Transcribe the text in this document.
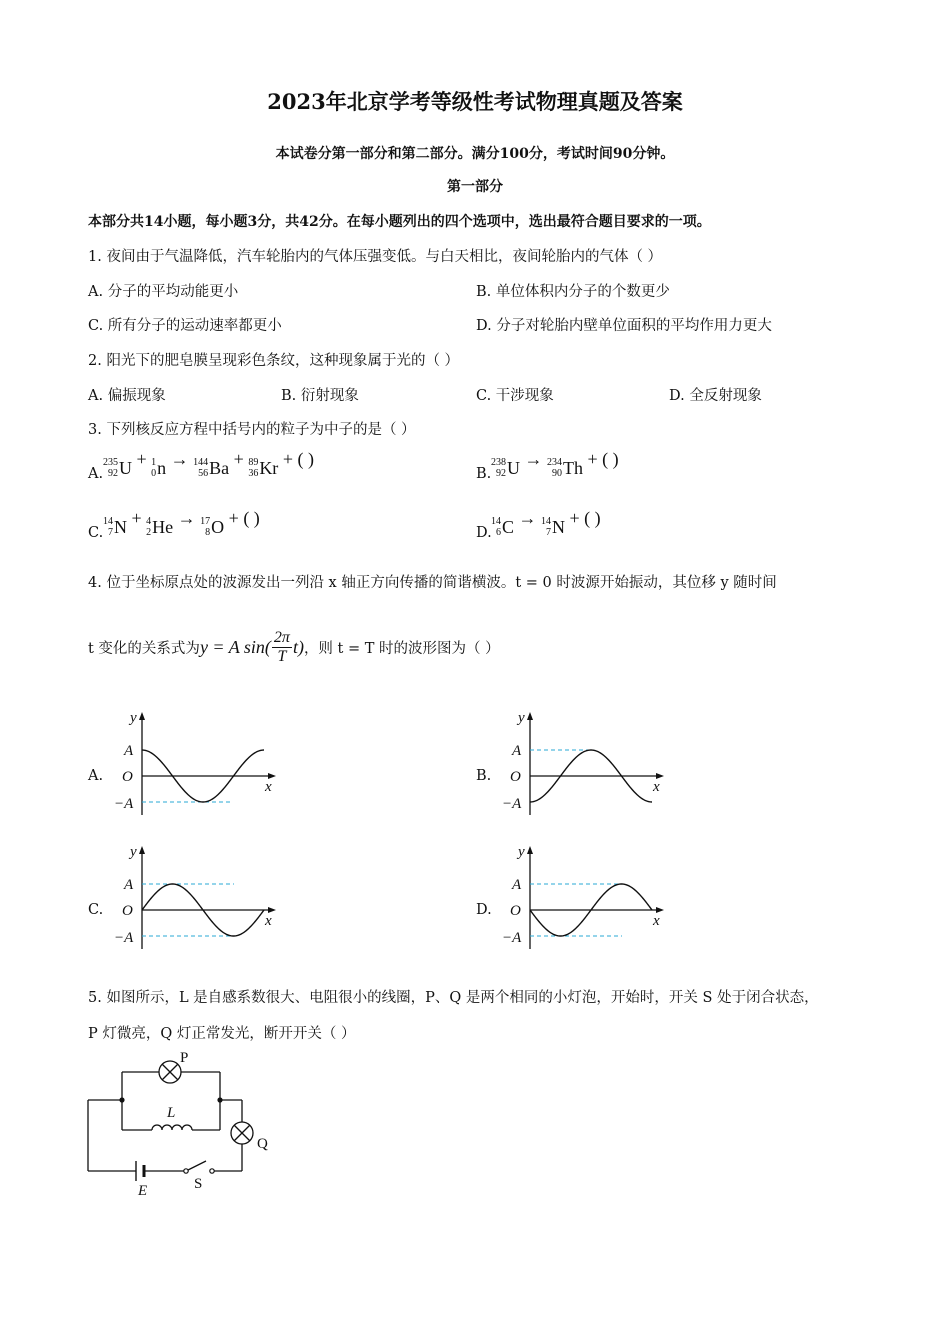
2023年北京学考等级性考试物理真题及答案
本试卷分第一部分和第二部分。满分100分，考试时间90分钟。
第一部分
本部分共14小题，每小题3分，共42分。在每小题列出的四个选项中，选出最符合题目要求的一项。
1. 夜间由于气温降低，汽车轮胎内的气体压强变低。与白天相比，夜间轮胎内的气体（ ）
A. 分子的平均动能更小	B. 单位体积内分子的个数更少
C. 所有分子的运动速率都更小	D. 分子对轮胎内壁单位面积的平均作用力更大
2. 阳光下的肥皂膜呈现彩色条纹，这种现象属于光的（ ）
A. 偏振现象	B. 衍射现象	C. 干涉现象	D. 全反射现象
3. 下列核反应方程中括号内的粒子为中子的是（ ）
A.
235
92 U + 1
0 n → 144
56 Ba + 89
36 Kr + ( )
B.
238
92 U → 234
90 Th + ( )
C.
14
7 N + 4
2 He → 17
8 O + ( )
D.
14
6 C → 14
7 N + ( )
4. 位于坐标原点处的波源发出一列沿 x 轴正方向传播的简谐横波。t = 0 时波源开始振动，其位移 y 随时间
t 变化的关系式为 y = A $\sin( \frac{2\pi}{T} t)$ ，则 t = T 时的波形图为（ ）
A.	B.
C.	D.
y
A
O
−A
x
y
A
O
−A
x
y
A
O
−A
x
y
A
O
−A
x
5. 如图所示，L 是自感系数很大、电阻很小的线圈，P、Q 是两个相同的小灯泡，开始时，开关 S 处于闭合状态，
P 灯微亮，Q 灯正常发光，断开开关（ ）
P
Q
L
E	S
